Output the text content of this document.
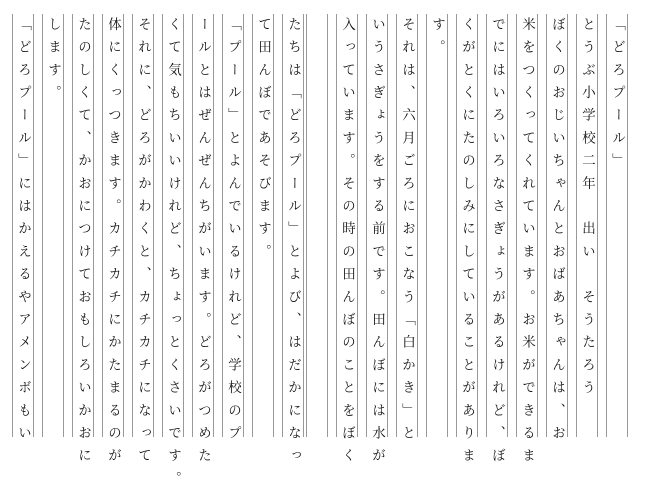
「どろプール」
とうぶ小学校二年　出い　そうたろう
ぼくのおじいちゃんとおばあちゃんは、お
米をつくってくれています。お米ができるま
でにはいろいろなさぎょうがあるけれど、ぼ
くがとくにたのしみにしていることがありま
す。
それは、六月ごろにおこなう「白かき」と
いうさぎょうをする前です。田んぼには水が
入っています。その時の田んぼのことをぼく
たちは「どろプール」とよび、はだかになっ
て田んぼであそびます。
「プール」とよんでいるけれど、学校のプ
ールとはぜんぜんちがいます。どろがつめた
くて気もちいいけれど、ちょっとくさいです。
それに、どろがかわくと、カチカチになって
体にくっつきます。カチカチにかたまるのが
たのしくて、かおにつけておもしろいかおに
します。
「どろプール」にはかえるやアメンボもい
